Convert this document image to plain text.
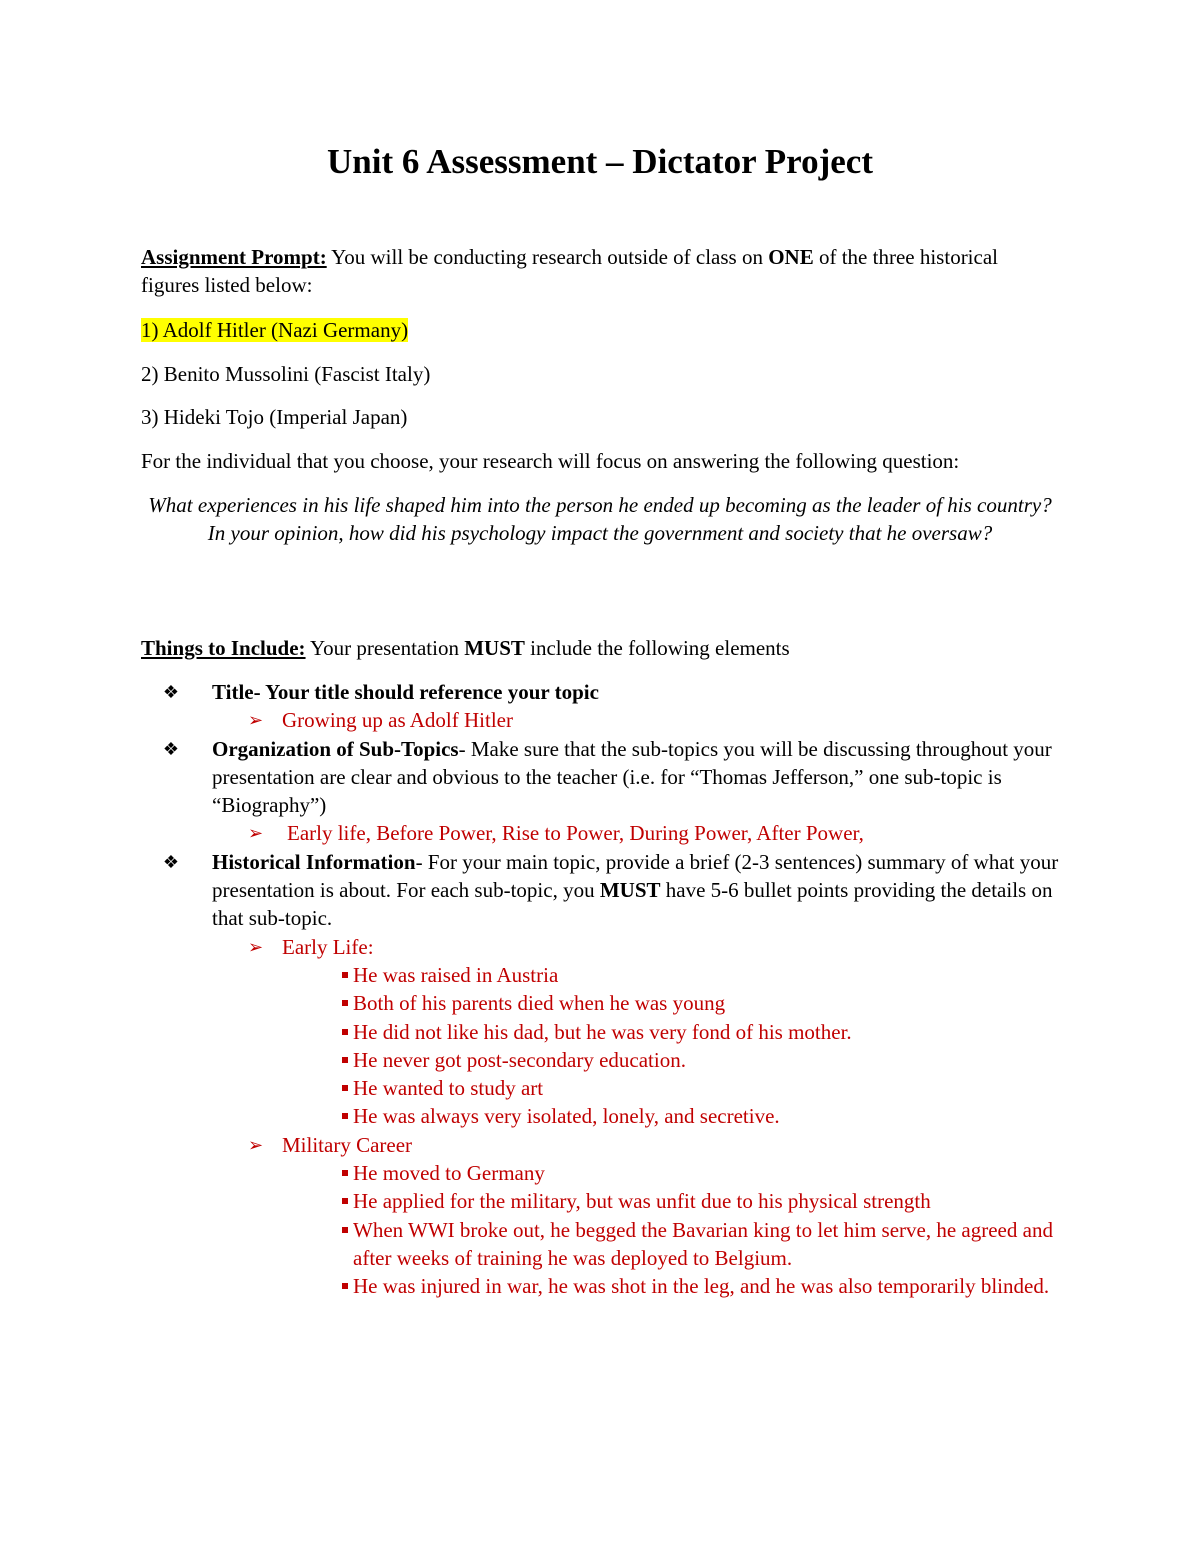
Unit 6 Assessment – Dictator Project

Assignment Prompt: You will be conducting research outside of class on ONE of the three historical figures listed below:

1) Adolf Hitler (Nazi Germany)

2) Benito Mussolini (Fascist Italy)

3) Hideki Tojo (Imperial Japan)

For the individual that you choose, your research will focus on answering the following question:

What experiences in his life shaped him into the person he ended up becoming as the leader of his country? In your opinion, how did his psychology impact the government and society that he oversaw?

Things to Include: Your presentation MUST include the following elements

❖ Title- Your title should reference your topic
➢ Growing up as Adolf Hitler
❖ Organization of Sub-Topics- Make sure that the sub-topics you will be discussing throughout your presentation are clear and obvious to the teacher (i.e. for “Thomas Jefferson,” one sub-topic is “Biography”)
➢ Early life, Before Power, Rise to Power, During Power, After Power,
❖ Historical Information- For your main topic, provide a brief (2-3 sentences) summary of what your presentation is about. For each sub-topic, you MUST have 5-6 bullet points providing the details on that sub-topic.
➢ Early Life:
He was raised in Austria
Both of his parents died when he was young
He did not like his dad, but he was very fond of his mother.
He never got post-secondary education.
He wanted to study art
He was always very isolated, lonely, and secretive.
➢ Military Career
He moved to Germany
He applied for the military, but was unfit due to his physical strength
When WWI broke out, he begged the Bavarian king to let him serve, he agreed and after weeks of training he was deployed to Belgium.
He was injured in war, he was shot in the leg, and he was also temporarily blinded.
